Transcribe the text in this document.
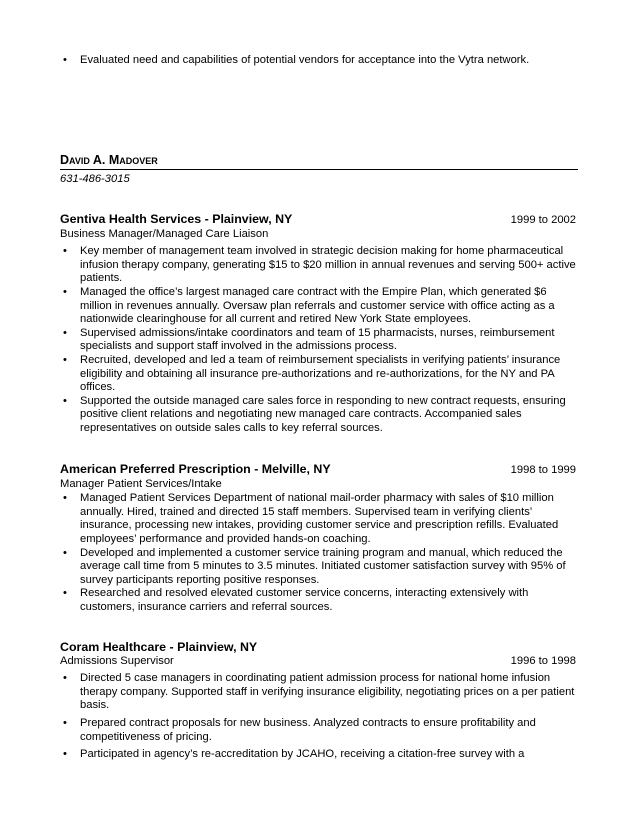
• Evaluated need and capabilities of potential vendors for acceptance into the Vytra network.
David A. Madover
631-486-3015
Gentiva Health Services - Plainview, NY	1999 to 2002
Business Manager/Managed Care Liaison
• Key member of management team involved in strategic decision making for home pharmaceutical infusion therapy company, generating $15 to $20 million in annual revenues and serving 500+ active patients.
• Managed the office’s largest managed care contract with the Empire Plan, which generated $6 million in revenues annually. Oversaw plan referrals and customer service with office acting as a nationwide clearinghouse for all current and retired New York State employees.
• Supervised admissions/intake coordinators and team of 15 pharmacists, nurses, reimbursement specialists and support staff involved in the admissions process.
• Recruited, developed and led a team of reimbursement specialists in verifying patients’ insurance eligibility and obtaining all insurance pre-authorizations and re-authorizations, for the NY and PA offices.
• Supported the outside managed care sales force in responding to new contract requests, ensuring positive client relations and negotiating new managed care contracts. Accompanied sales representatives on outside sales calls to key referral sources.
American Preferred Prescription - Melville, NY	1998 to 1999
Manager Patient Services/Intake
• Managed Patient Services Department of national mail-order pharmacy with sales of $10 million annually. Hired, trained and directed 15 staff members. Supervised team in verifying clients’ insurance, processing new intakes, providing customer service and prescription refills. Evaluated employees’ performance and provided hands-on coaching.
• Developed and implemented a customer service training program and manual, which reduced the average call time from 5 minutes to 3.5 minutes. Initiated customer satisfaction survey with 95% of survey participants reporting positive responses.
• Researched and resolved elevated customer service concerns, interacting extensively with customers, insurance carriers and referral sources.
Coram Healthcare - Plainview, NY
Admissions Supervisor	1996 to 1998
• Directed 5 case managers in coordinating patient admission process for national home infusion therapy company. Supported staff in verifying insurance eligibility, negotiating prices on a per patient basis.
• Prepared contract proposals for new business. Analyzed contracts to ensure profitability and competitiveness of pricing.
• Participated in agency’s re-accreditation by JCAHO, receiving a citation-free survey with a
